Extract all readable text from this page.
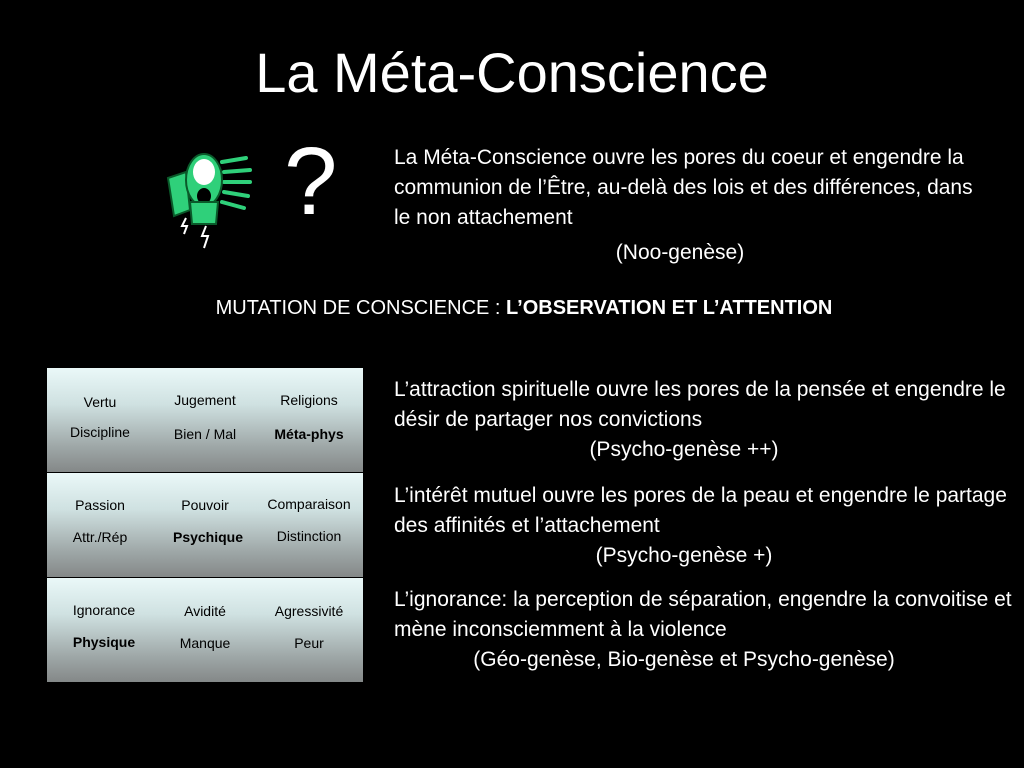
La Méta-Conscience
?	La Méta-Conscience ouvre les pores du coeur et engendre la communion de l’Être, au-delà des lois et des différences, dans le non attachement
(Noo-genèse)
MUTATION DE CONSCIENCE : L’OBSERVATION ET L’ATTENTION
Vertu	Jugement	Religions
Discipline	Bien / Mal	Méta-phys
Passion	Pouvoir	Comparaison
Attr./Rép	Psychique	Distinction
Ignorance	Avidité	Agressivité
Physique	Manque	Peur
L’attraction spirituelle ouvre les pores de la pensée et engendre le désir de partager nos convictions
(Psycho-genèse ++)
L’intérêt mutuel ouvre les pores de la peau et engendre le partage des affinités et l’attachement
(Psycho-genèse +)
L’ignorance: la perception de séparation, engendre la convoitise et mène inconsciemment à la violence
(Géo-genèse, Bio-genèse et Psycho-genèse)
